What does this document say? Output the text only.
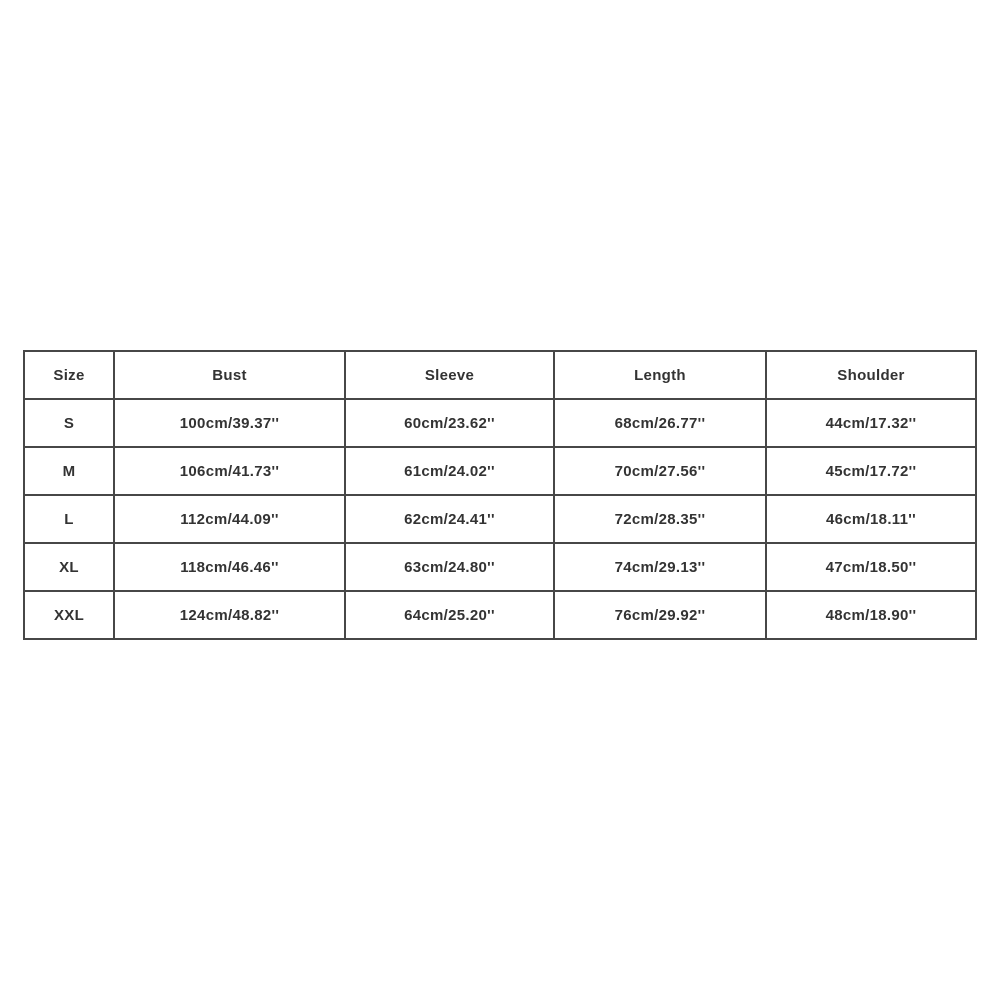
Size	Bust	Sleeve	Length	Shoulder
S	100cm/39.37''	60cm/23.62''	68cm/26.77''	44cm/17.32''
M	106cm/41.73''	61cm/24.02''	70cm/27.56''	45cm/17.72''
L	112cm/44.09''	62cm/24.41''	72cm/28.35''	46cm/18.11''
XL	118cm/46.46''	63cm/24.80''	74cm/29.13''	47cm/18.50''
XXL	124cm/48.82''	64cm/25.20''	76cm/29.92''	48cm/18.90''
